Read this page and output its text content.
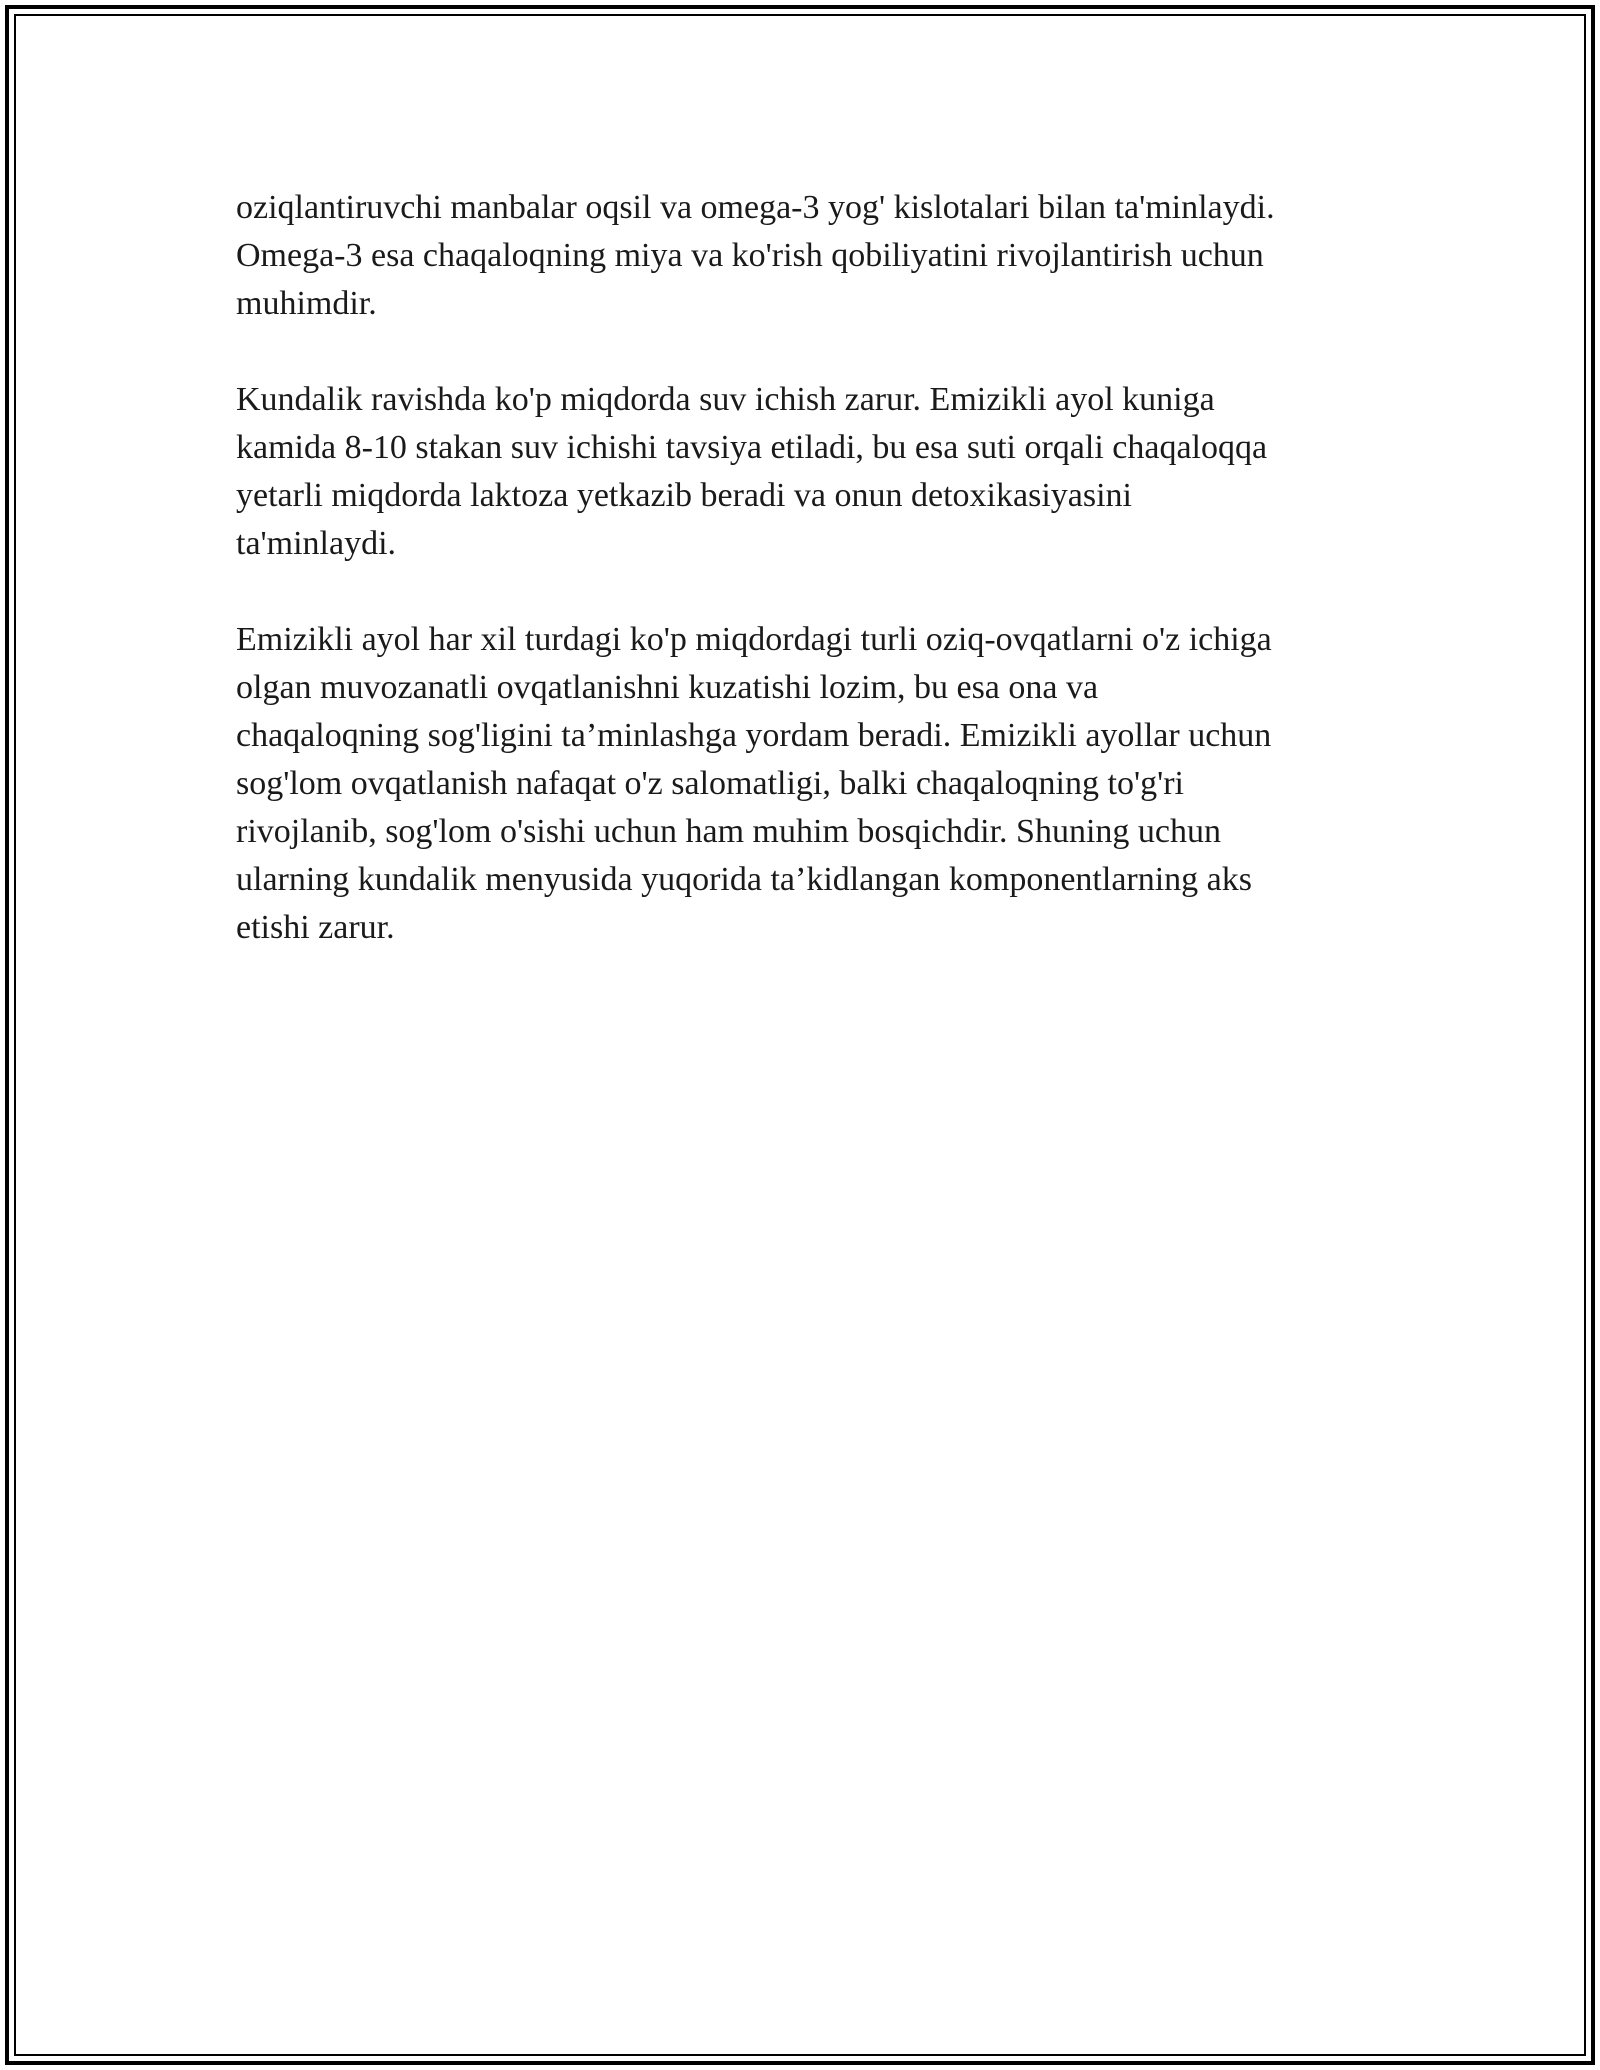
oziqlantiruvchi manbalar oqsil va omega-3 yog' kislotalari bilan ta'minlaydi.
Omega-3 esa chaqaloqning miya va ko'rish qobiliyatini rivojlantirish uchun
muhimdir.

Kundalik ravishda ko'p miqdorda suv ichish zarur. Emizikli ayol kuniga
kamida 8-10 stakan suv ichishi tavsiya etiladi, bu esa suti orqali chaqaloqqa
yetarli miqdorda laktoza yetkazib beradi va onun detoxikasiyasini
ta'minlaydi.

Emizikli ayol har xil turdagi ko'p miqdordagi turli oziq-ovqatlarni o'z ichiga
olgan muvozanatli ovqatlanishni kuzatishi lozim, bu esa ona va
chaqaloqning sog'ligini ta’minlashga yordam beradi. Emizikli ayollar uchun
sog'lom ovqatlanish nafaqat o'z salomatligi, balki chaqaloqning to'g'ri
rivojlanib, sog'lom o'sishi uchun ham muhim bosqichdir. Shuning uchun
ularning kundalik menyusida yuqorida ta’kidlangan komponentlarning aks
etishi zarur.
